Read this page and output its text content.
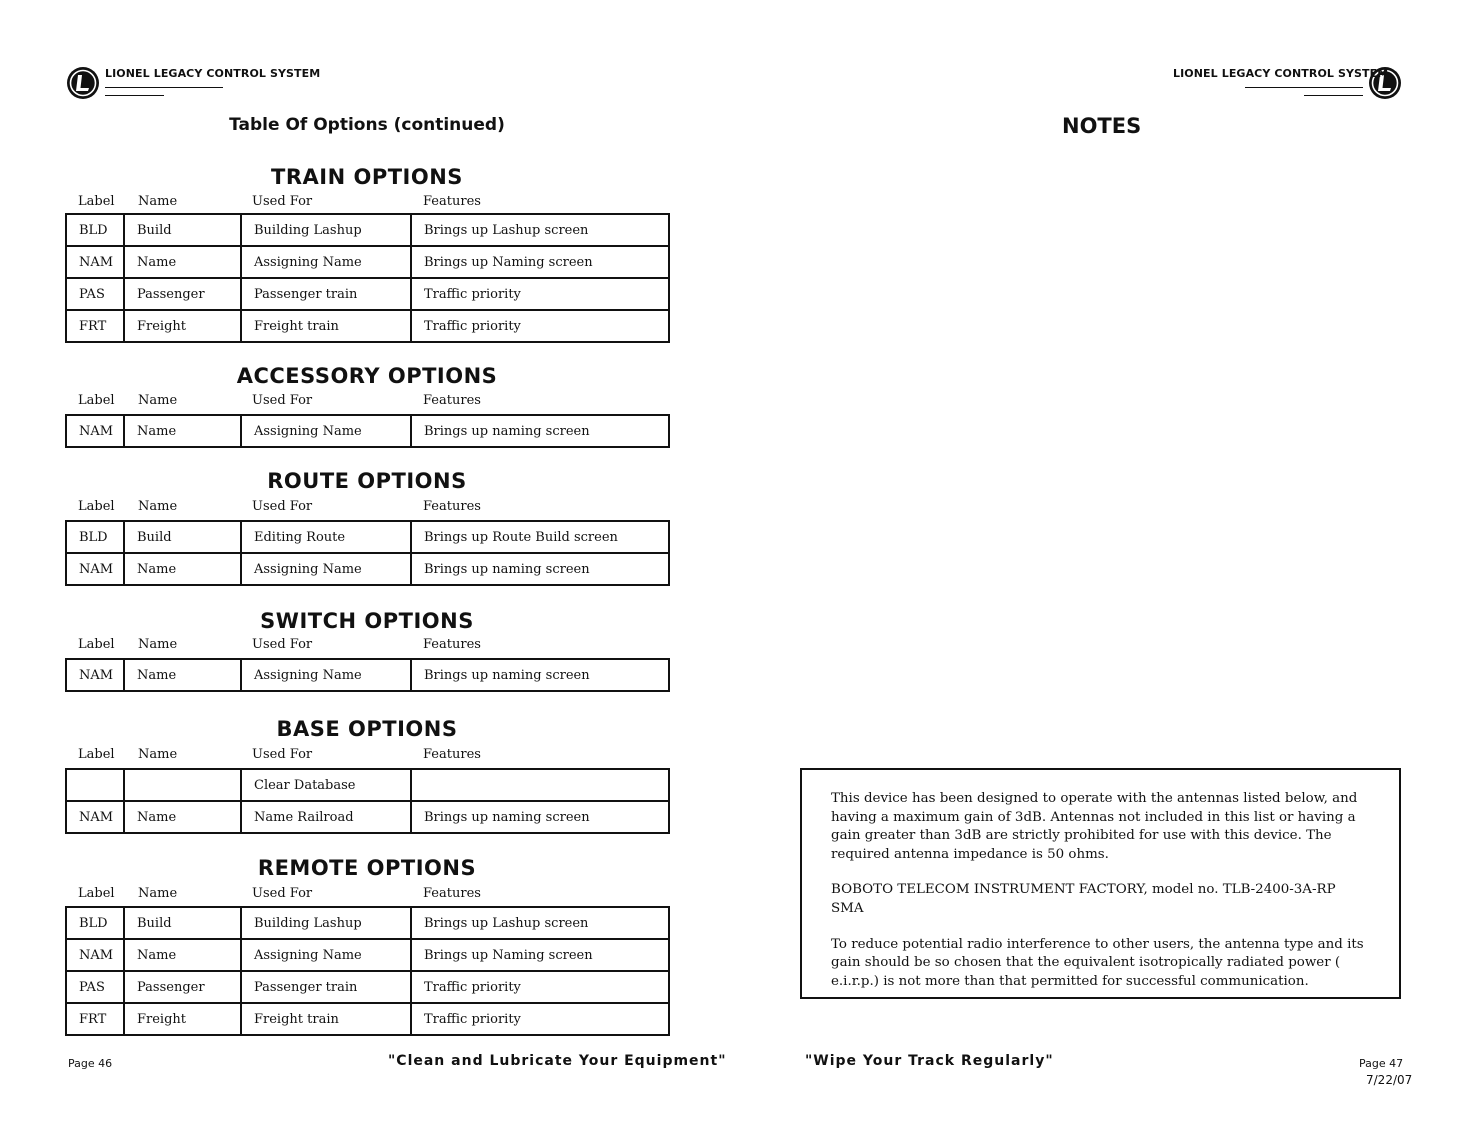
LIONEL LEGACY CONTROL SYSTEM	LIONEL LEGACY CONTROL SYSTEM
Table Of Options (continued)
TRAIN OPTIONS
Label Name	Used For	Features
BLD	Build	Building Lashup	Brings up Lashup screen
NAM	Name	Assigning Name	Brings up Naming screen
PAS	Passenger	Passenger train	Traffic priority
FRT	Freight	Freight train	Traffic priority
ACCESSORY OPTIONS
Label Name	Used For	Features
NAM	Name	Assigning Name	Brings up naming screen
ROUTE OPTIONS
Label Name	Used For	Features
BLD	Build	Editing Route	Brings up Route Build screen
NAM	Name	Assigning Name	Brings up naming screen
SWITCH OPTIONS
Label Name	Used For	Features
NAM	Name	Assigning Name	Brings up naming screen
BASE OPTIONS
Label Name	Used For	Features
		Clear Database	
NAM	Name	Name Railroad	Brings up naming screen
REMOTE OPTIONS
Label Name	Used For	Features
BLD	Build	Building Lashup	Brings up Lashup screen
NAM	Name	Assigning Name	Brings up Naming screen
PAS	Passenger	Passenger train	Traffic priority
FRT	Freight	Freight train	Traffic priority
Page 46	"Clean and Lubricate Your Equipment"
NOTES

This device has been designed to operate with the antennas listed below, and having a maximum gain of 3dB. Antennas not included in this list or having a gain greater than 3dB are strictly prohibited for use with this device. The required antenna impedance is 50 ohms.

BOBOTO TELECOM INSTRUMENT FACTORY, model no. TLB-2400-3A-RP SMA

To reduce potential radio interference to other users, the antenna type and its gain should be so chosen that the equivalent isotropically radiated power ( e.i.r.p.) is not more than that permitted for successful communication.

"Wipe Your Track Regularly"	Page 47
7/22/07
